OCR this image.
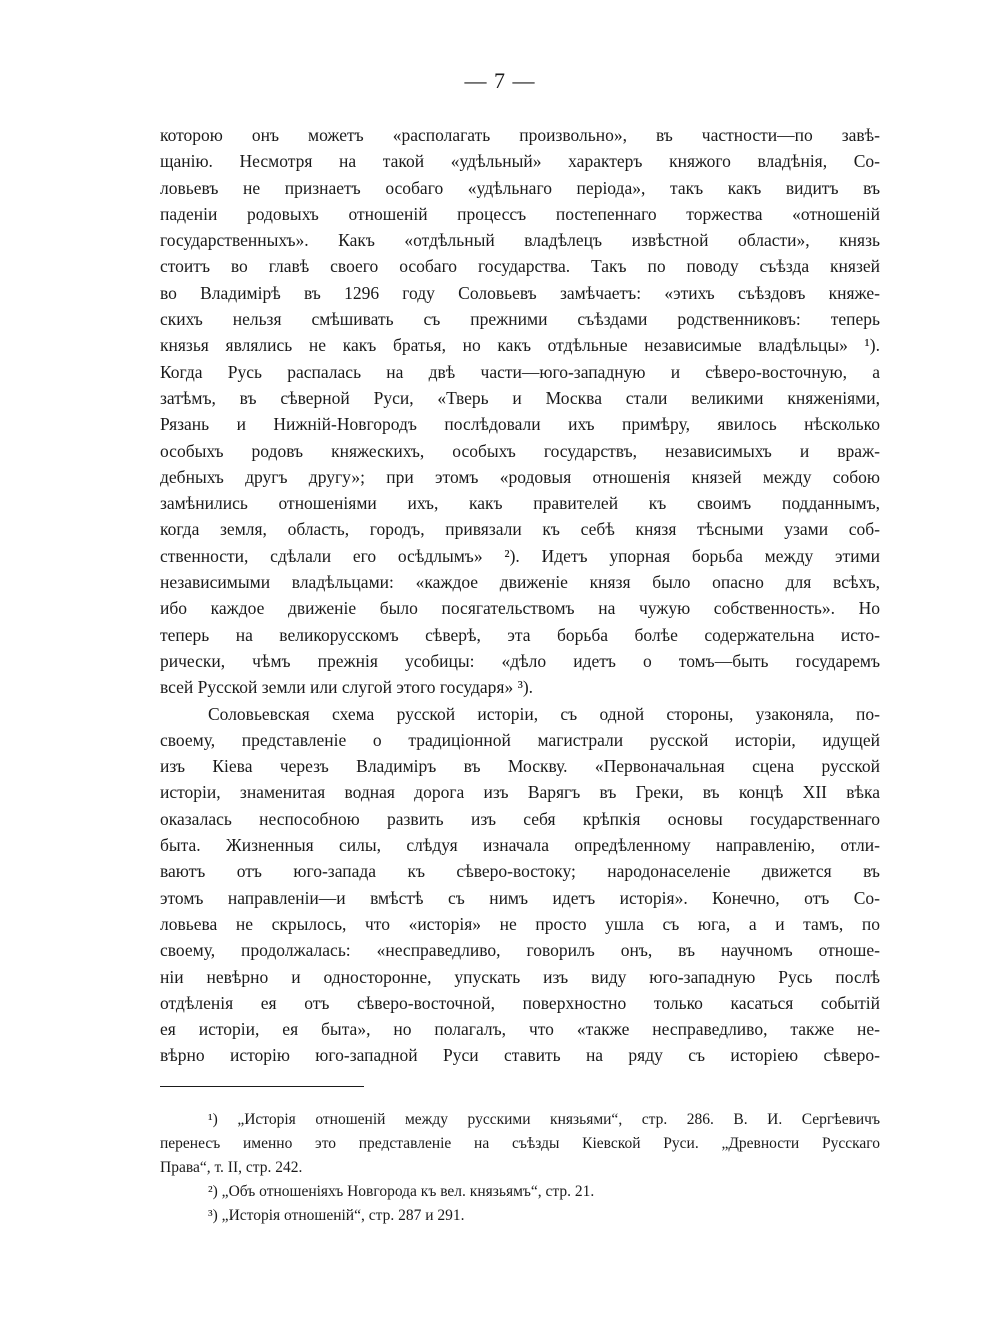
— 7 —
которою онъ можетъ «располагать произвольно», въ частности—по завѣ-
щанію. Несмотря на такой «удѣльный» характеръ княжого владѣнія, Со-
ловьевъ не признаетъ особаго «удѣльнаго періода», такъ какъ видитъ въ
паденіи родовыхъ отношеній процессъ постепеннаго торжества «отношеній
государственныхъ». Какъ «отдѣльный владѣлецъ извѣстной области», князь
стоитъ во главѣ своего особаго государства. Такъ по поводу съѣзда князей
во Владимірѣ въ 1296 году Соловьевъ замѣчаетъ: «этихъ съѣздовъ княже-
скихъ нельзя смѣшивать съ прежними съѣздами родственниковъ: теперь
князья являлись не какъ братья, но какъ отдѣльные независимые владѣльцы» ¹).
Когда Русь распалась на двѣ части—юго-западную и сѣверо-восточную, а
затѣмъ, въ сѣверной Руси, «Тверь и Москва стали великими княженіями,
Рязань и Нижній-Новгородъ послѣдовали ихъ примѣру, явилось нѣсколько
особыхъ родовъ княжескихъ, особыхъ государствъ, независимыхъ и враж-
дебныхъ другъ другу»; при этомъ «родовыя отношенія князей между собою
замѣнились отношеніями ихъ, какъ правителей къ своимъ подданнымъ,
когда земля, область, городъ, привязали къ себѣ князя тѣсными узами соб-
ственности, сдѣлали его осѣдлымъ» ²). Идетъ упорная борьба между этими
независимыми владѣльцами: «каждое движеніе князя было опасно для всѣхъ,
ибо каждое движеніе было посягательствомъ на чужую собственность». Но
теперь на великорусскомъ сѣверѣ, эта борьба болѣе содержательна исто-
рически, чѣмъ прежнія усобицы: «дѣло идетъ о томъ—быть государемъ
всей Русской земли или слугой этого государя» ³).
Соловьевская схема русской исторіи, съ одной стороны, узаконяла, по-
своему, представленіе о традиціонной магистрали русской исторіи, идущей
изъ Кіева черезъ Владиміръ въ Москву. «Первоначальная сцена русской
исторіи, знаменитая водная дорога изъ Варягъ въ Греки, въ концѣ XII вѣка
оказалась неспособною развить изъ себя крѣпкія основы государственнаго
быта. Жизненныя силы, слѣдуя изначала опредѣленному направленію, отли-
ваютъ отъ юго-запада къ сѣверо-востоку; народонаселеніе движется въ
этомъ направленіи—и вмѣстѣ съ нимъ идетъ исторія». Конечно, отъ Со-
ловьева не скрылось, что «исторія» не просто ушла съ юга, а и тамъ, по
своему, продолжалась: «несправедливо, говорилъ онъ, въ научномъ отноше-
ніи невѣрно и односторонне, упускать изъ виду юго-западную Русь послѣ
отдѣленія ея отъ сѣверо-восточной, поверхностно только касаться событій
ея исторіи, ея быта», но полагалъ, что «также несправедливо, также не-
вѣрно исторію юго-западной Руси ставить на ряду съ исторіею сѣверо-
¹) „Исторія отношеній между русскими князьями“, стр. 286. В. И. Сергѣевичъ
перенесъ именно это представленіе на съѣзды Кіевской Руси. „Древности Русскаго
Права“, т. II, стр. 242.
²) „Объ отношеніяхъ Новгорода къ вел. князьямъ“, стр. 21.
³) „Исторія отношеній“, стр. 287 и 291.
